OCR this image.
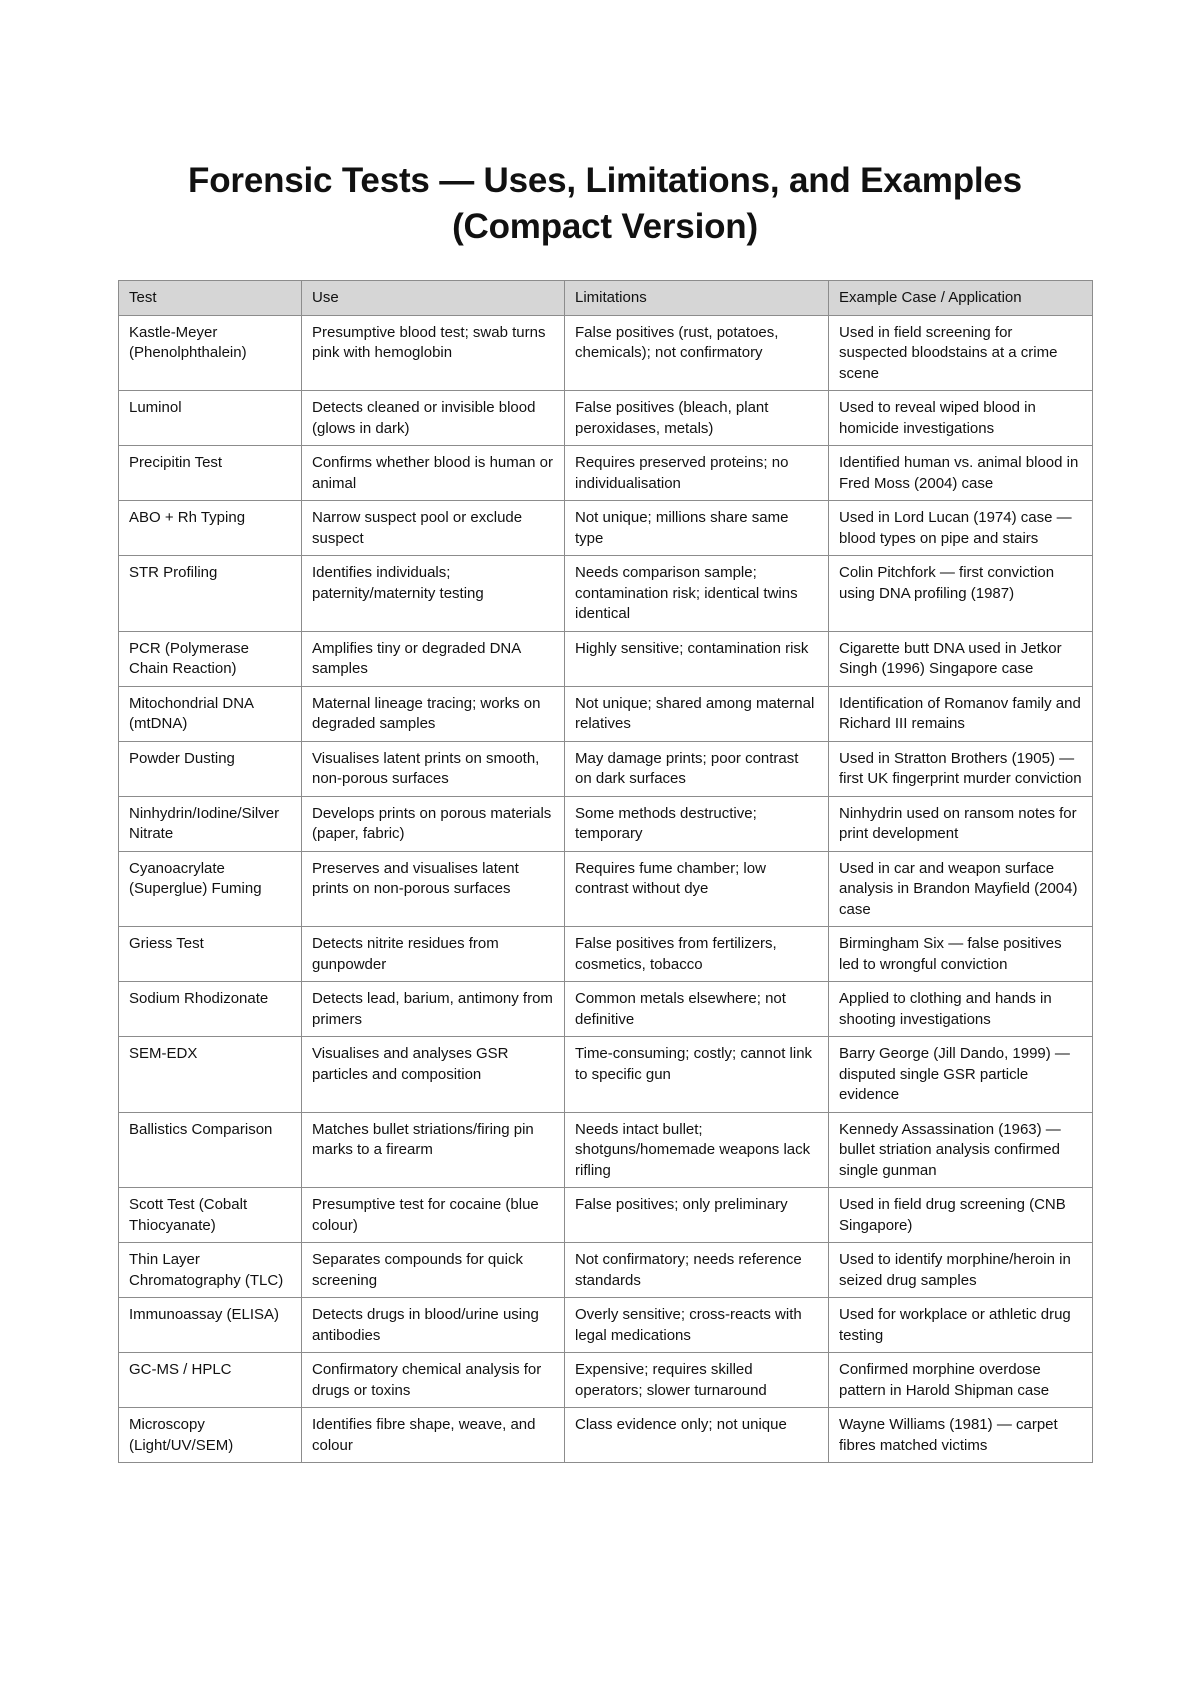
Forensic Tests — Uses, Limitations, and Examples (Compact Version)
Test	Use	Limitations	Example Case / Application
Kastle-Meyer (Phenolphthalein)	Presumptive blood test; swab turns pink with hemoglobin	False positives (rust, potatoes, chemicals); not confirmatory	Used in field screening for suspected bloodstains at a crime scene
Luminol	Detects cleaned or invisible blood (glows in dark)	False positives (bleach, plant peroxidases, metals)	Used to reveal wiped blood in homicide investigations
Precipitin Test	Confirms whether blood is human or animal	Requires preserved proteins; no individualisation	Identified human vs. animal blood in Fred Moss (2004) case
ABO + Rh Typing	Narrow suspect pool or exclude suspect	Not unique; millions share same type	Used in Lord Lucan (1974) case — blood types on pipe and stairs
STR Profiling	Identifies individuals; paternity/maternity testing	Needs comparison sample; contamination risk; identical twins identical	Colin Pitchfork — first conviction using DNA profiling (1987)
PCR (Polymerase Chain Reaction)	Amplifies tiny or degraded DNA samples	Highly sensitive; contamination risk	Cigarette butt DNA used in Jetkor Singh (1996) Singapore case
Mitochondrial DNA (mtDNA)	Maternal lineage tracing; works on degraded samples	Not unique; shared among maternal relatives	Identification of Romanov family and Richard III remains
Powder Dusting	Visualises latent prints on smooth, non-porous surfaces	May damage prints; poor contrast on dark surfaces	Used in Stratton Brothers (1905) — first UK fingerprint murder conviction
Ninhydrin/Iodine/Silver Nitrate	Develops prints on porous materials (paper, fabric)	Some methods destructive; temporary	Ninhydrin used on ransom notes for print development
Cyanoacrylate (Superglue) Fuming	Preserves and visualises latent prints on non-porous surfaces	Requires fume chamber; low contrast without dye	Used in car and weapon surface analysis in Brandon Mayfield (2004) case
Griess Test	Detects nitrite residues from gunpowder	False positives from fertilizers, cosmetics, tobacco	Birmingham Six — false positives led to wrongful conviction
Sodium Rhodizonate	Detects lead, barium, antimony from primers	Common metals elsewhere; not definitive	Applied to clothing and hands in shooting investigations
SEM-EDX	Visualises and analyses GSR particles and composition	Time-consuming; costly; cannot link to specific gun	Barry George (Jill Dando, 1999) — disputed single GSR particle evidence
Ballistics Comparison	Matches bullet striations/firing pin marks to a firearm	Needs intact bullet; shotguns/homemade weapons lack rifling	Kennedy Assassination (1963) — bullet striation analysis confirmed single gunman
Scott Test (Cobalt Thiocyanate)	Presumptive test for cocaine (blue colour)	False positives; only preliminary	Used in field drug screening (CNB Singapore)
Thin Layer Chromatography (TLC)	Separates compounds for quick screening	Not confirmatory; needs reference standards	Used to identify morphine/heroin in seized drug samples
Immunoassay (ELISA)	Detects drugs in blood/urine using antibodies	Overly sensitive; cross-reacts with legal medications	Used for workplace or athletic drug testing
GC-MS / HPLC	Confirmatory chemical analysis for drugs or toxins	Expensive; requires skilled operators; slower turnaround	Confirmed morphine overdose pattern in Harold Shipman case
Microscopy (Light/UV/SEM)	Identifies fibre shape, weave, and colour	Class evidence only; not unique	Wayne Williams (1981) — carpet fibres matched victims
